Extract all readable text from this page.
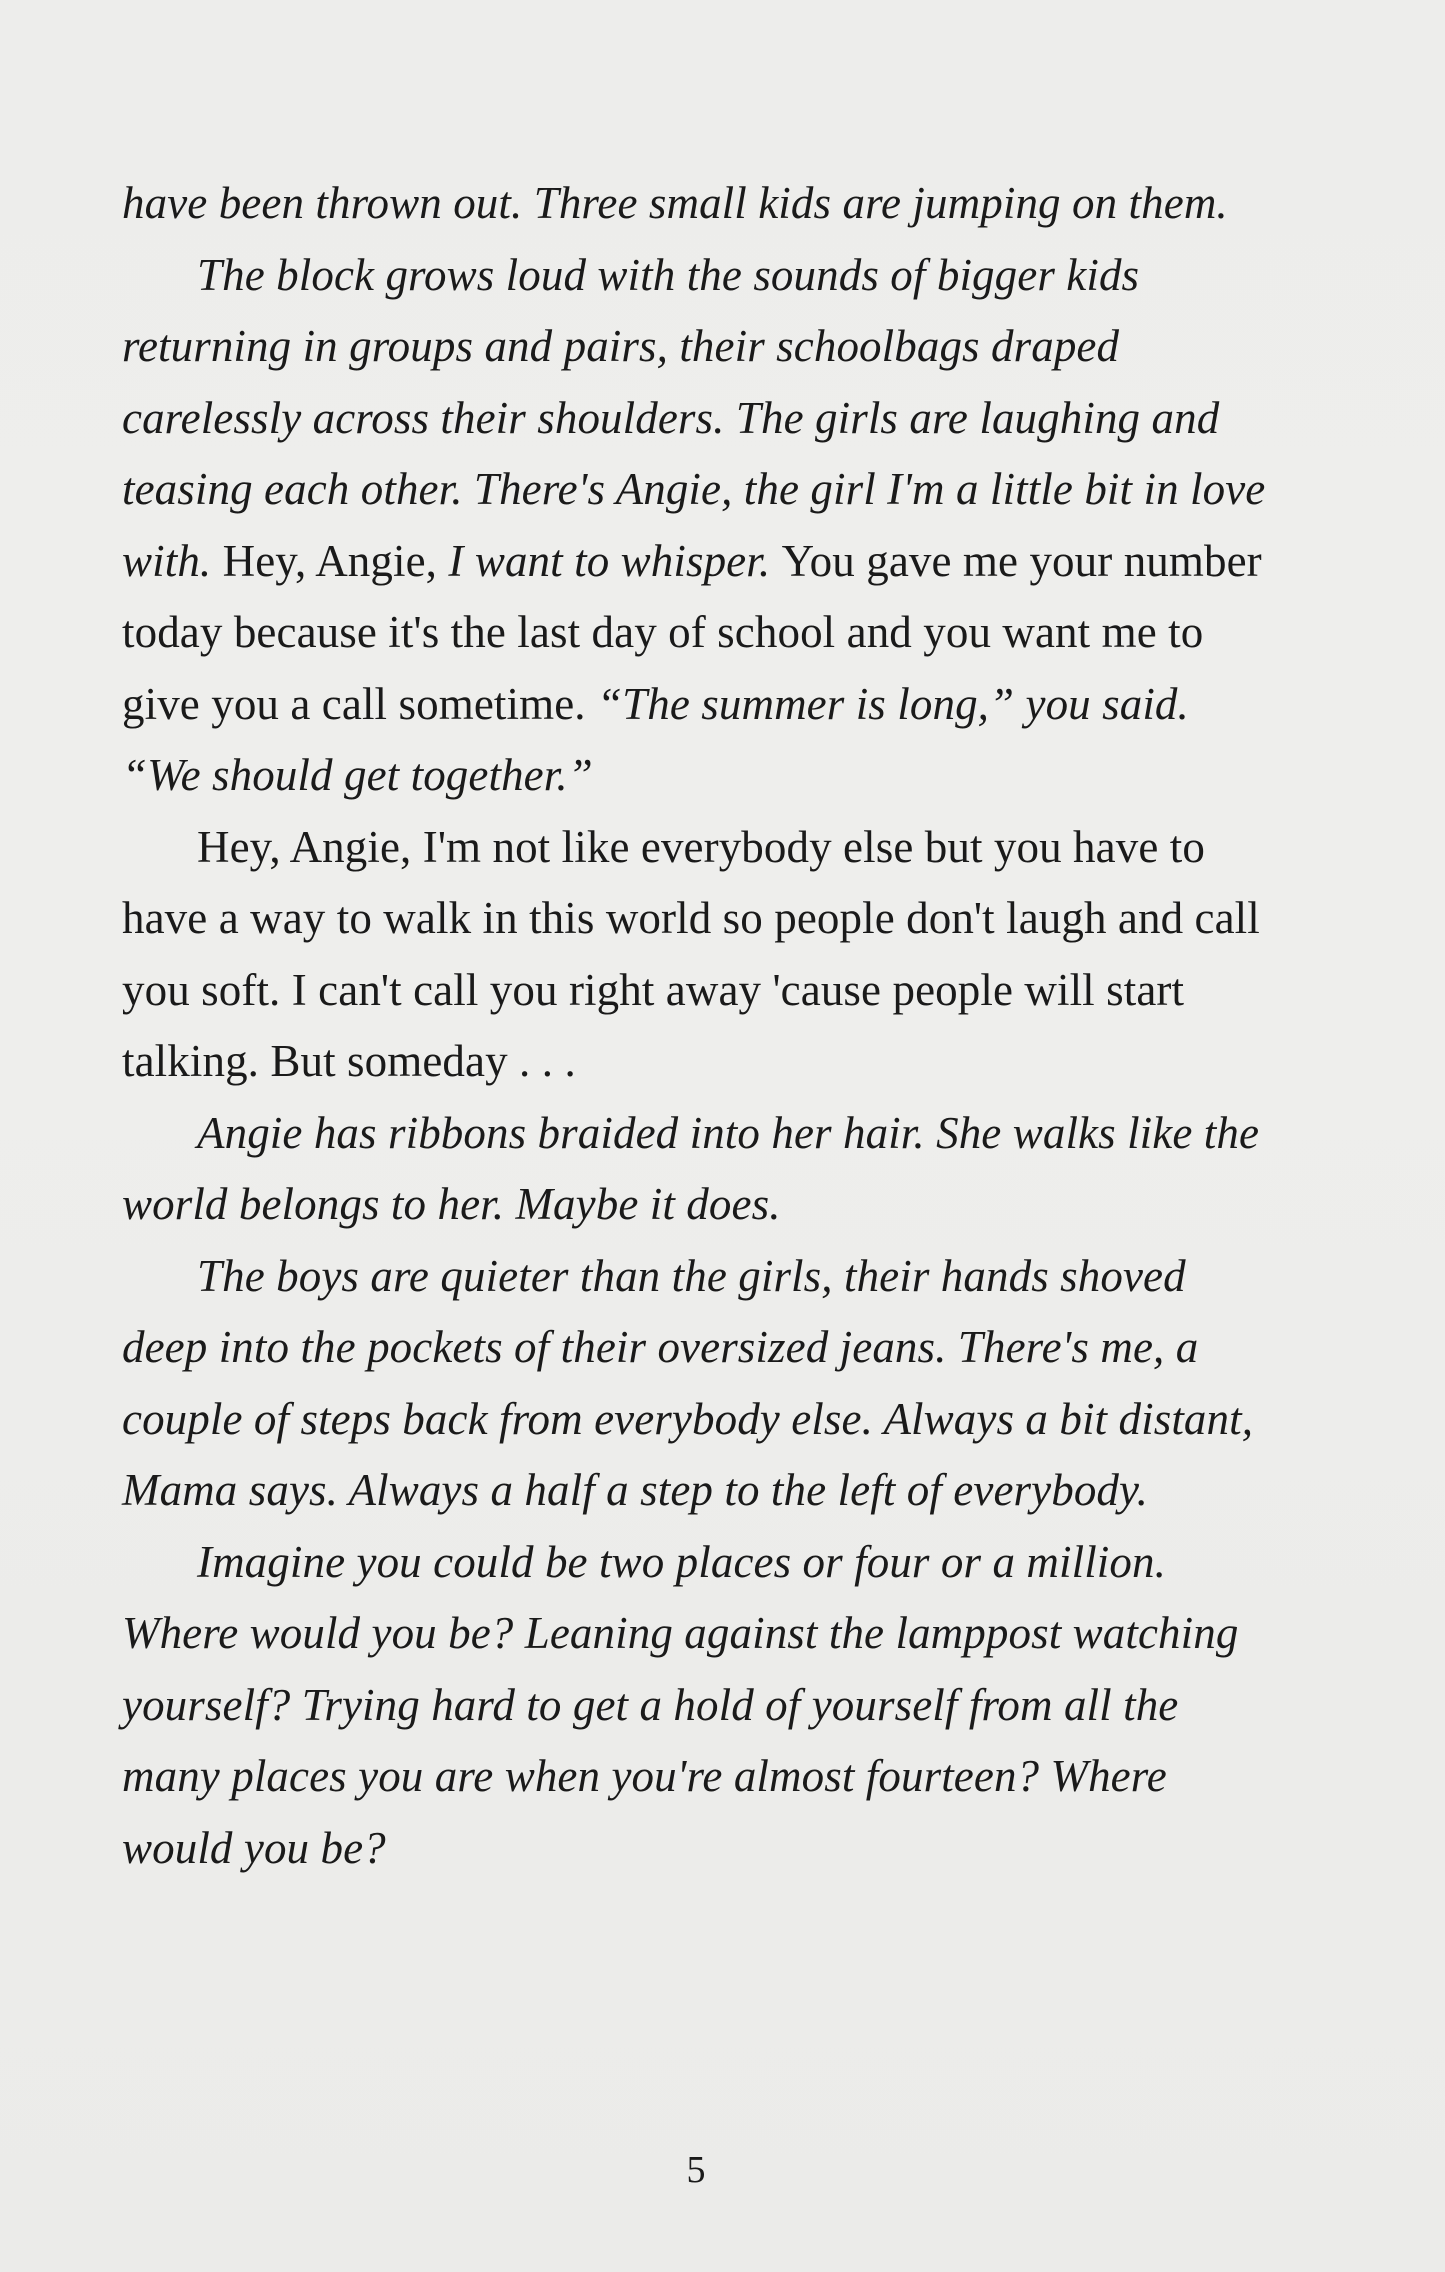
have been thrown out. Three small kids are jumping on them.

The block grows loud with the sounds of bigger kids returning in groups and pairs, their schoolbags draped carelessly across their shoulders. The girls are laughing and teasing each other. There's Angie, the girl I'm a little bit in love with. Hey, Angie, I want to whisper. You gave me your number today because it's the last day of school and you want me to give you a call sometime. “The summer is long,” you said. “We should get together.”

Hey, Angie, I'm not like everybody else but you have to have a way to walk in this world so people don't laugh and call you soft. I can't call you right away 'cause people will start talking. But someday . . .

Angie has ribbons braided into her hair. She walks like the world belongs to her. Maybe it does.

The boys are quieter than the girls, their hands shoved deep into the pockets of their oversized jeans. There's me, a couple of steps back from everybody else. Always a bit distant, Mama says. Always a half a step to the left of everybody.

Imagine you could be two places or four or a million. Where would you be? Leaning against the lamppost watching yourself? Trying hard to get a hold of yourself from all the many places you are when you're almost fourteen? Where would you be?

5
